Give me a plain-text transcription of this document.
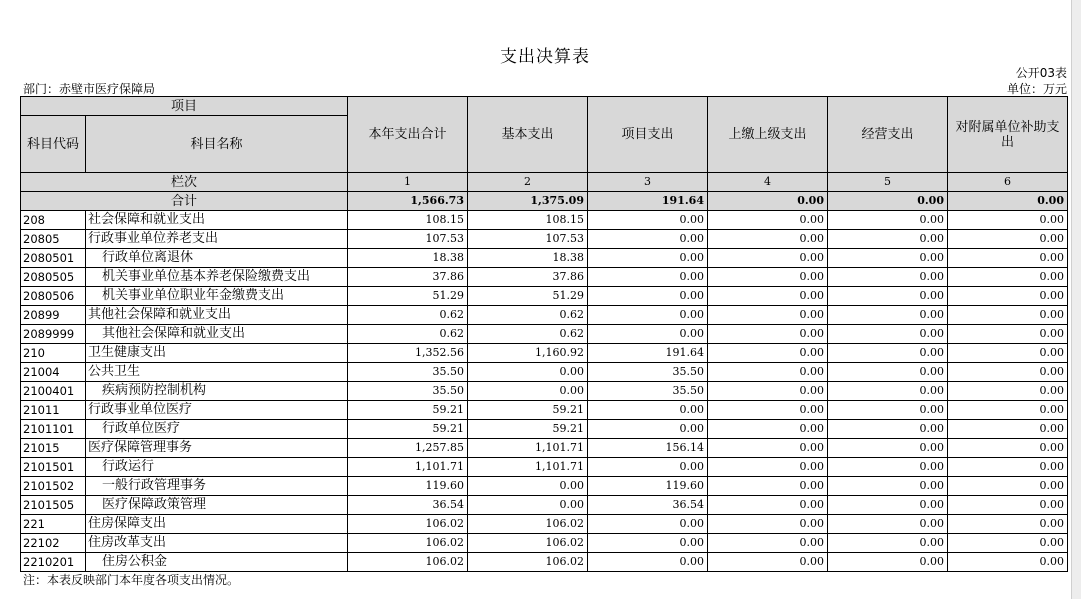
支出决算表
部门：赤壁市医疗保障局
公开03表
单位：万元
项目		本年支出合计	基本支出	项目支出	上缴上级支出	经营支出	对附属单位补助支出
科目代码	科目名称						
栏次		1	2	3	4	5	6
合计		1,566.73	1,375.09	191.64	0.00	0.00	0.00
208	社会保障和就业支出	108.15	108.15	0.00	0.00	0.00	0.00
20805	行政事业单位养老支出	107.53	107.53	0.00	0.00	0.00	0.00
2080501	行政单位离退休	18.38	18.38	0.00	0.00	0.00	0.00
2080505	机关事业单位基本养老保险缴费支出	37.86	37.86	0.00	0.00	0.00	0.00
2080506	机关事业单位职业年金缴费支出	51.29	51.29	0.00	0.00	0.00	0.00
20899	其他社会保障和就业支出	0.62	0.62	0.00	0.00	0.00	0.00
2089999	其他社会保障和就业支出	0.62	0.62	0.00	0.00	0.00	0.00
210	卫生健康支出	1,352.56	1,160.92	191.64	0.00	0.00	0.00
21004	公共卫生	35.50	0.00	35.50	0.00	0.00	0.00
2100401	疾病预防控制机构	35.50	0.00	35.50	0.00	0.00	0.00
21011	行政事业单位医疗	59.21	59.21	0.00	0.00	0.00	0.00
2101101	行政单位医疗	59.21	59.21	0.00	0.00	0.00	0.00
21015	医疗保障管理事务	1,257.85	1,101.71	156.14	0.00	0.00	0.00
2101501	行政运行	1,101.71	1,101.71	0.00	0.00	0.00	0.00
2101502	一般行政管理事务	119.60	0.00	119.60	0.00	0.00	0.00
2101505	医疗保障政策管理	36.54	0.00	36.54	0.00	0.00	0.00
221	住房保障支出	106.02	106.02	0.00	0.00	0.00	0.00
22102	住房改革支出	106.02	106.02	0.00	0.00	0.00	0.00
2210201	住房公积金	106.02	106.02	0.00	0.00	0.00	0.00
注：本表反映部门本年度各项支出情况。
